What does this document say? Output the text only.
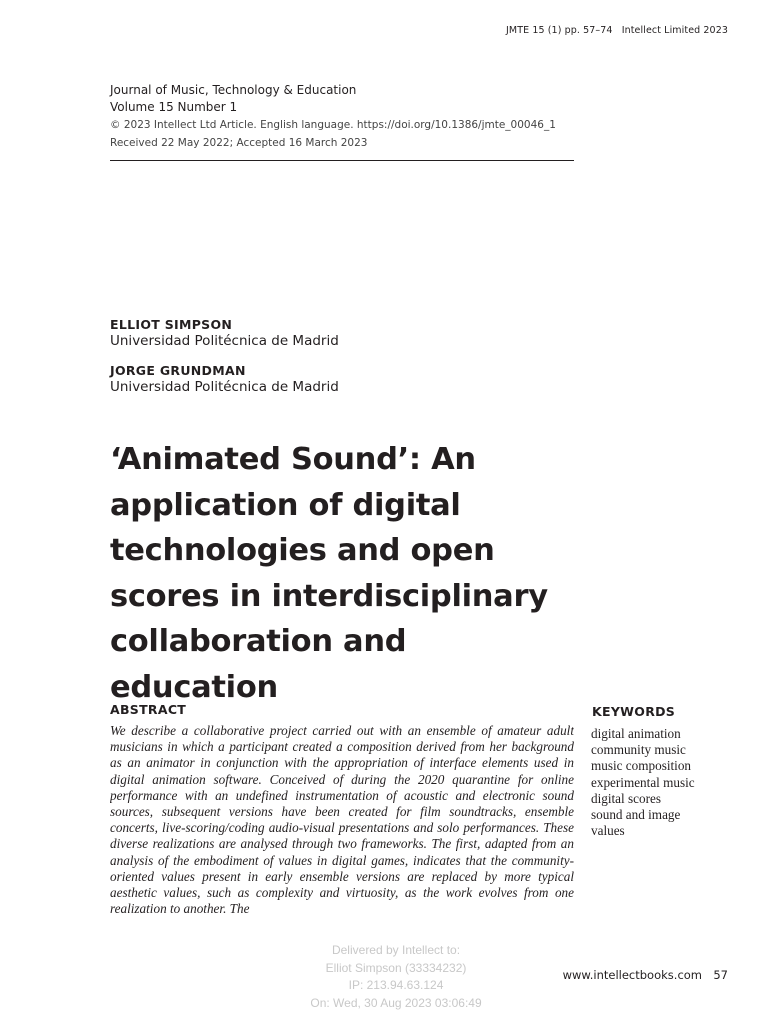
JMTE 15 (1) pp. 57–74 Intellect Limited 2023
Journal of Music, Technology & Education
Volume 15 Number 1
© 2023 Intellect Ltd Article. English language. https://doi.org/10.1386/jmte_00046_1
Received 22 May 2022; Accepted 16 March 2023
ELLIOT SIMPSON
Universidad Politécnica de Madrid
JORGE GRUNDMAN
Universidad Politécnica de Madrid
‘Animated Sound’: An
application of digital
technologies and open
scores in interdisciplinary
collaboration and education
ABSTRACT

We describe a collaborative project carried out with an ensemble of amateur adult musicians in which a participant created a composition derived from her background as an animator in conjunction with the appropriation of interface elements used in digital animation software. Conceived of during the 2020 quarantine for online performance with an undefined instrumentation of acoustic and electronic sound sources, subsequent versions have been created for film soundtracks, ensemble concerts, live-scoring/coding audio-visual presentations and solo performances. These diverse realizations are analysed through two frameworks. The first, adapted from an analysis of the embodiment of values in digital games, indicates that the community-oriented values present in early ensemble versions are replaced by more typical aesthetic values, such as complexity and virtuosity, as the work evolves from one realization to another. The

KEYWORDS
digital animation
community music
music composition
experimental music
digital scores
sound and image
values
Delivered by Intellect to:
Elliot Simpson (33334232)
IP: 213.94.63.124
On: Wed, 30 Aug 2023 03:06:49
www.intellectbooks.com 57
